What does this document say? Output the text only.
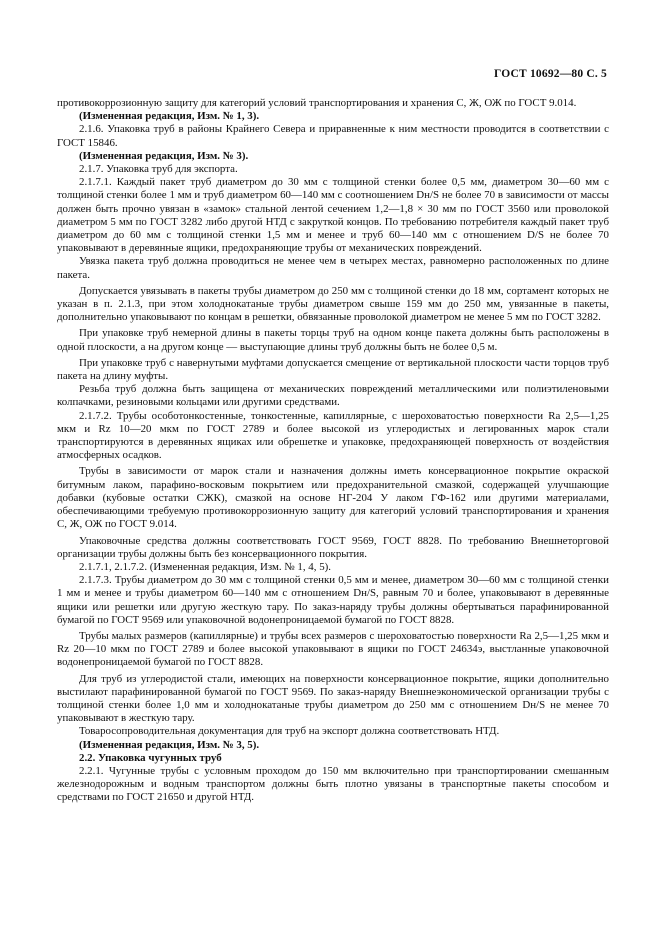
ГОСТ 10692—80 С. 5

противокоррозионную защиту для категорий условий транспортирования и хранения С, Ж, ОЖ по ГОСТ 9.014.

(Измененная редакция, Изм. № 1, 3).

2.1.6. Упаковка труб в районы Крайнего Севера и приравненные к ним местности проводится в соответствии с ГОСТ 15846.

(Измененная редакция, Изм. № 3).

2.1.7. Упаковка труб для экспорта.

2.1.7.1. Каждый пакет труб диаметром до 30 мм с толщиной стенки более 0,5 мм, диаметром 30—60 мм с толщиной стенки более 1 мм и труб диаметром 60—140 мм с соотношением Dн/S не более 70 в зависимости от массы должен быть прочно увязан в «замок» стальной лентой сечением 1,2—1,8 × 30 мм по ГОСТ 3560 или проволокой диаметром 5 мм по ГОСТ 3282 либо другой НТД с закруткой концов. По требованию потребителя каждый пакет труб диаметром до 60 мм с толщиной стенки 1,5 мм и менее и труб 60—140 мм с отношением D/S не более 70 упаковывают в деревянные ящики, предохраняющие трубы от механических повреждений.

Увязка пакета труб должна проводиться не менее чем в четырех местах, равномерно расположенных по длине пакета.

Допускается увязывать в пакеты трубы диаметром до 250 мм с толщиной стенки до 18 мм, сортамент которых не указан в п. 2.1.3, при этом холоднокатаные трубы диаметром свыше 159 мм до 250 мм, увязанные в пакеты, дополнительно упаковывают по концам в решетки, обвязанные проволокой диаметром не менее 5 мм по ГОСТ 3282.

При упаковке труб немерной длины в пакеты торцы труб на одном конце пакета должны быть расположены в одной плоскости, а на другом конце — выступающие длины труб должны быть не более 0,5 м.

При упаковке труб с навернутыми муфтами допускается смещение от вертикальной плоскости части торцов труб пакета на длину муфты.

Резьба труб должна быть защищена от механических повреждений металлическими или полиэтиленовыми колпачками, резиновыми кольцами или другими средствами.

2.1.7.2. Трубы особотонкостенные, тонкостенные, капиллярные, с шероховатостью поверхности Ra 2,5—1,25 мкм и Rz 10—20 мкм по ГОСТ 2789 и более высокой из углеродистых и легированных марок стали транспортируются в деревянных ящиках или обрешетке и упаковке, предохраняющей поверхность от воздействия атмосферных осадков.

Трубы в зависимости от марок стали и назначения должны иметь консервационное покрытие окраской битумным лаком, парафино-восковым покрытием или предохранительной смазкой, содержащей улучшающие добавки (кубовые остатки СЖК), смазкой на основе НГ-204 У лаком ГФ-162 или другими материалами, обеспечивающими требуемую противокоррозионную защиту для категорий условий транспортирования и хранения С, Ж, ОЖ по ГОСТ 9.014.

Упаковочные средства должны соответствовать ГОСТ 9569, ГОСТ 8828. По требованию Внешнеторговой организации трубы должны быть без консервационного покрытия.

2.1.7.1, 2.1.7.2. (Измененная редакция, Изм. № 1, 4, 5).

2.1.7.3. Трубы диаметром до 30 мм с толщиной стенки 0,5 мм и менее, диаметром 30—60 мм с толщиной стенки 1 мм и менее и трубы диаметром 60—140 мм с отношением Dн/S, равным 70 и более, упаковывают в деревянные ящики или решетки или другую жесткую тару. По заказ-наряду трубы должны обертываться парафинированной бумагой по ГОСТ 9569 или упаковочной водонепроницаемой бумагой по ГОСТ 8828.

Трубы малых размеров (капиллярные) и трубы всех размеров с шероховатостью поверхности Ra 2,5—1,25 мкм и Rz 20—10 мкм по ГОСТ 2789 и более высокой упаковывают в ящики по ГОСТ 24634э, выстланные упаковочной водонепроницаемой бумагой по ГОСТ 8828.

Для труб из углеродистой стали, имеющих на поверхности консервационное покрытие, ящики дополнительно выстилают парафинированной бумагой по ГОСТ 9569. По заказ-наряду Внешнеэкономической организации трубы с толщиной стенки более 1,0 мм и холоднокатаные трубы диаметром до 250 мм с отношением Dн/S не менее 70 упаковывают в жесткую тару.

Товаросопроводительная документация для труб на экспорт должна соответствовать НТД.

(Измененная редакция, Изм. № 3, 5).

2.2. Упаковка чугунных труб

2.2.1. Чугунные трубы с условным проходом до 150 мм включительно при транспортировании смешанным железнодорожным и водным транспортом должны быть плотно увязаны в транспортные пакеты способом и средствами по ГОСТ 21650 и другой НТД.
